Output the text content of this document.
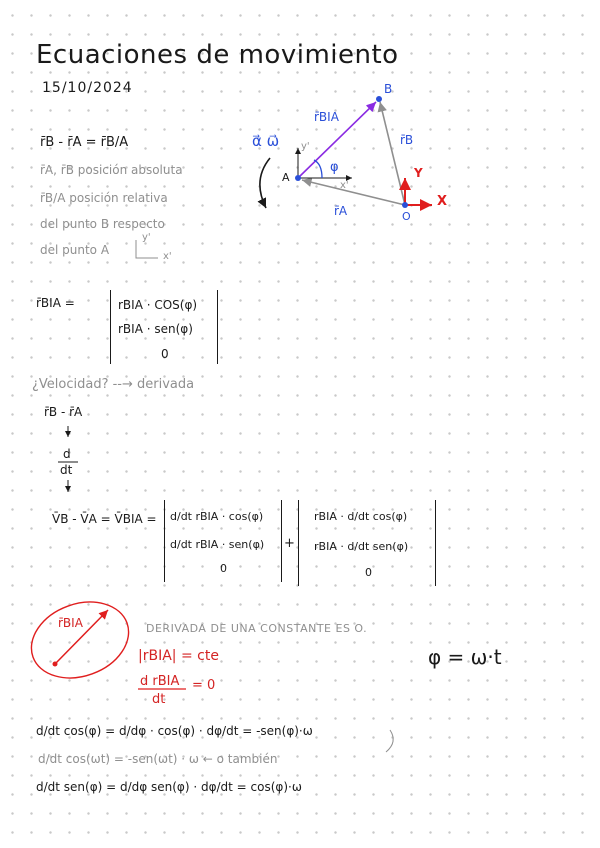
Ecuaciones de movimiento
15/10/2024
r̄B - r̄A = r̄B/A
r̄A, r̄B posición absoluta
r̄B/A posición relativa
del punto B respecto
del punto A
y'
x'
B
A
O
X
Y
r̄BIA
r̄A
r̄B
α⃗ ω⃗
φ
x'
y'
r̄BIA =	rBIA · COS(φ)
rBIA · sen(φ)
0
¿Velocidad? --→ derivada
r̄B - r̄A
d
dt
V̄B - V̄A = V̄BIA = d/dt rBIA · cos(φ)
d/dt rBIA · sen(φ)
0
+
rBIA · d/dt cos(φ)
rBIA · d/dt sen(φ)
0
r̄BIA	DERIVADA DE UNA CONSTANTE ES O.
|rBIA| = cte
d rBIA
dt
= 0
φ = ω·t
d/dt cos(φ) = d/dφ · cos(φ) · dφ/dt = -sen(φ)·ω
d/dt cos(ωt) = -sen(ωt) · ω ← o también
d/dt sen(φ) = d/dφ sen(φ) · dφ/dt = cos(φ)·ω
